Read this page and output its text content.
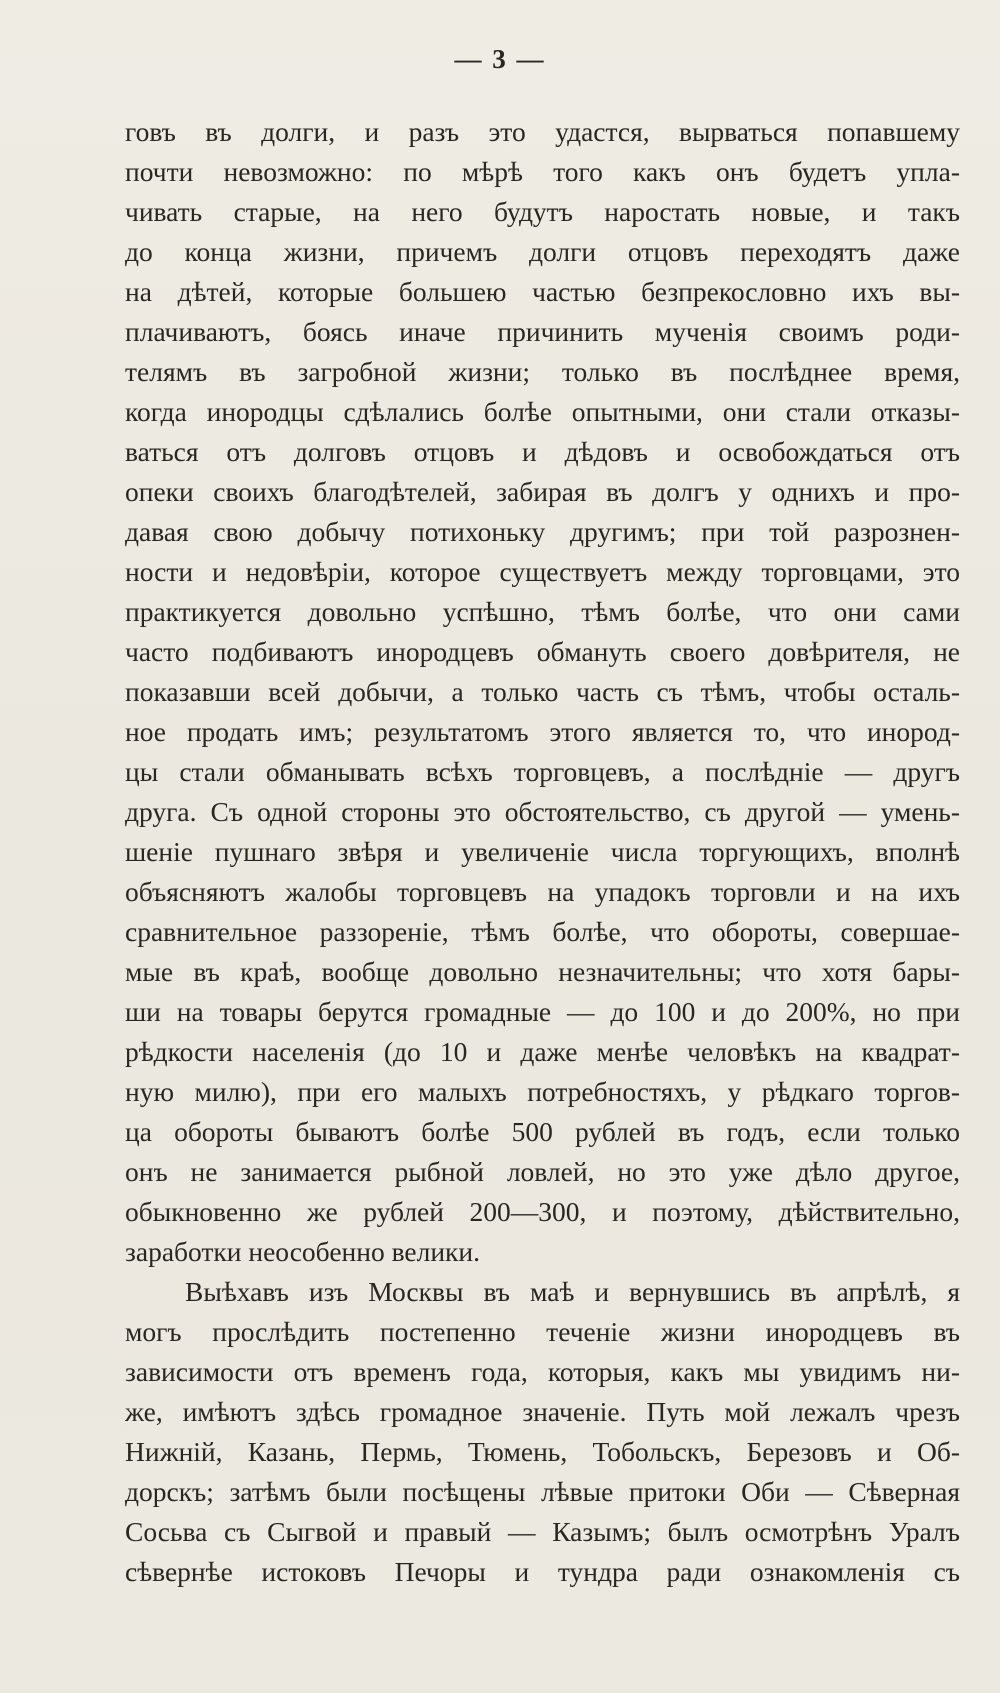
— 3 —
говъ въ долги, и разъ это удастся, вырваться попавшему
почти невозможно: по мѣрѣ того какъ онъ будетъ упла-
чивать старые, на него будутъ наростать новые, и такъ
до конца жизни, причемъ долги отцовъ переходятъ даже
на дѣтей, которые большею частью безпрекословно ихъ вы-
плачиваютъ, боясь иначе причинить мученія своимъ роди-
телямъ въ загробной жизни; только въ послѣднее время,
когда инородцы сдѣлались болѣе опытными, они стали отказы-
ваться отъ долговъ отцовъ и дѣдовъ и освобождаться отъ
опеки своихъ благодѣтелей, забирая въ долгъ у однихъ и про-
давая свою добычу потихоньку другимъ; при той разрознен-
ности и недовѣріи, которое существуетъ между торговцами, это
практикуется довольно успѣшно, тѣмъ болѣе, что они сами
часто подбиваютъ инородцевъ обмануть своего довѣрителя, не
показавши всей добычи, а только часть съ тѣмъ, чтобы осталь-
ное продать имъ; результатомъ этого является то, что инород-
цы стали обманывать всѣхъ торговцевъ, а послѣдніе — другъ
друга. Съ одной стороны это обстоятельство, съ другой — умень-
шеніе пушнаго звѣря и увеличеніе числа торгующихъ, вполнѣ
объясняютъ жалобы торговцевъ на упадокъ торговли и на ихъ
сравнительное раззореніе, тѣмъ болѣе, что обороты, совершае-
мые въ краѣ, вообще довольно незначительны; что хотя бары-
ши на товары берутся громадные — до 100 и до 200%, но при
рѣдкости населенія (до 10 и даже менѣе человѣкъ на квадрат-
ную милю), при его малыхъ потребностяхъ, у рѣдкаго торгов-
ца обороты бываютъ болѣе 500 рублей въ годъ, если только
онъ не занимается рыбной ловлей, но это уже дѣло другое,
обыкновенно же рублей 200—300, и поэтому, дѣйствительно,
заработки неособенно велики.
Выѣхавъ изъ Москвы въ маѣ и вернувшись въ апрѣлѣ, я
могъ прослѣдить постепенно теченіе жизни инородцевъ въ
зависимости отъ временъ года, которыя, какъ мы увидимъ ни-
же, имѣютъ здѣсь громадное значеніе. Путь мой лежалъ чрезъ
Нижній, Казань, Пермь, Тюмень, Тобольскъ, Березовъ и Об-
дорскъ; затѣмъ были посѣщены лѣвые притоки Оби — Сѣверная
Сосьва съ Сыгвой и правый — Казымъ; былъ осмотрѣнъ Уралъ
сѣвернѣе истоковъ Печоры и тундра ради ознакомленія съ
